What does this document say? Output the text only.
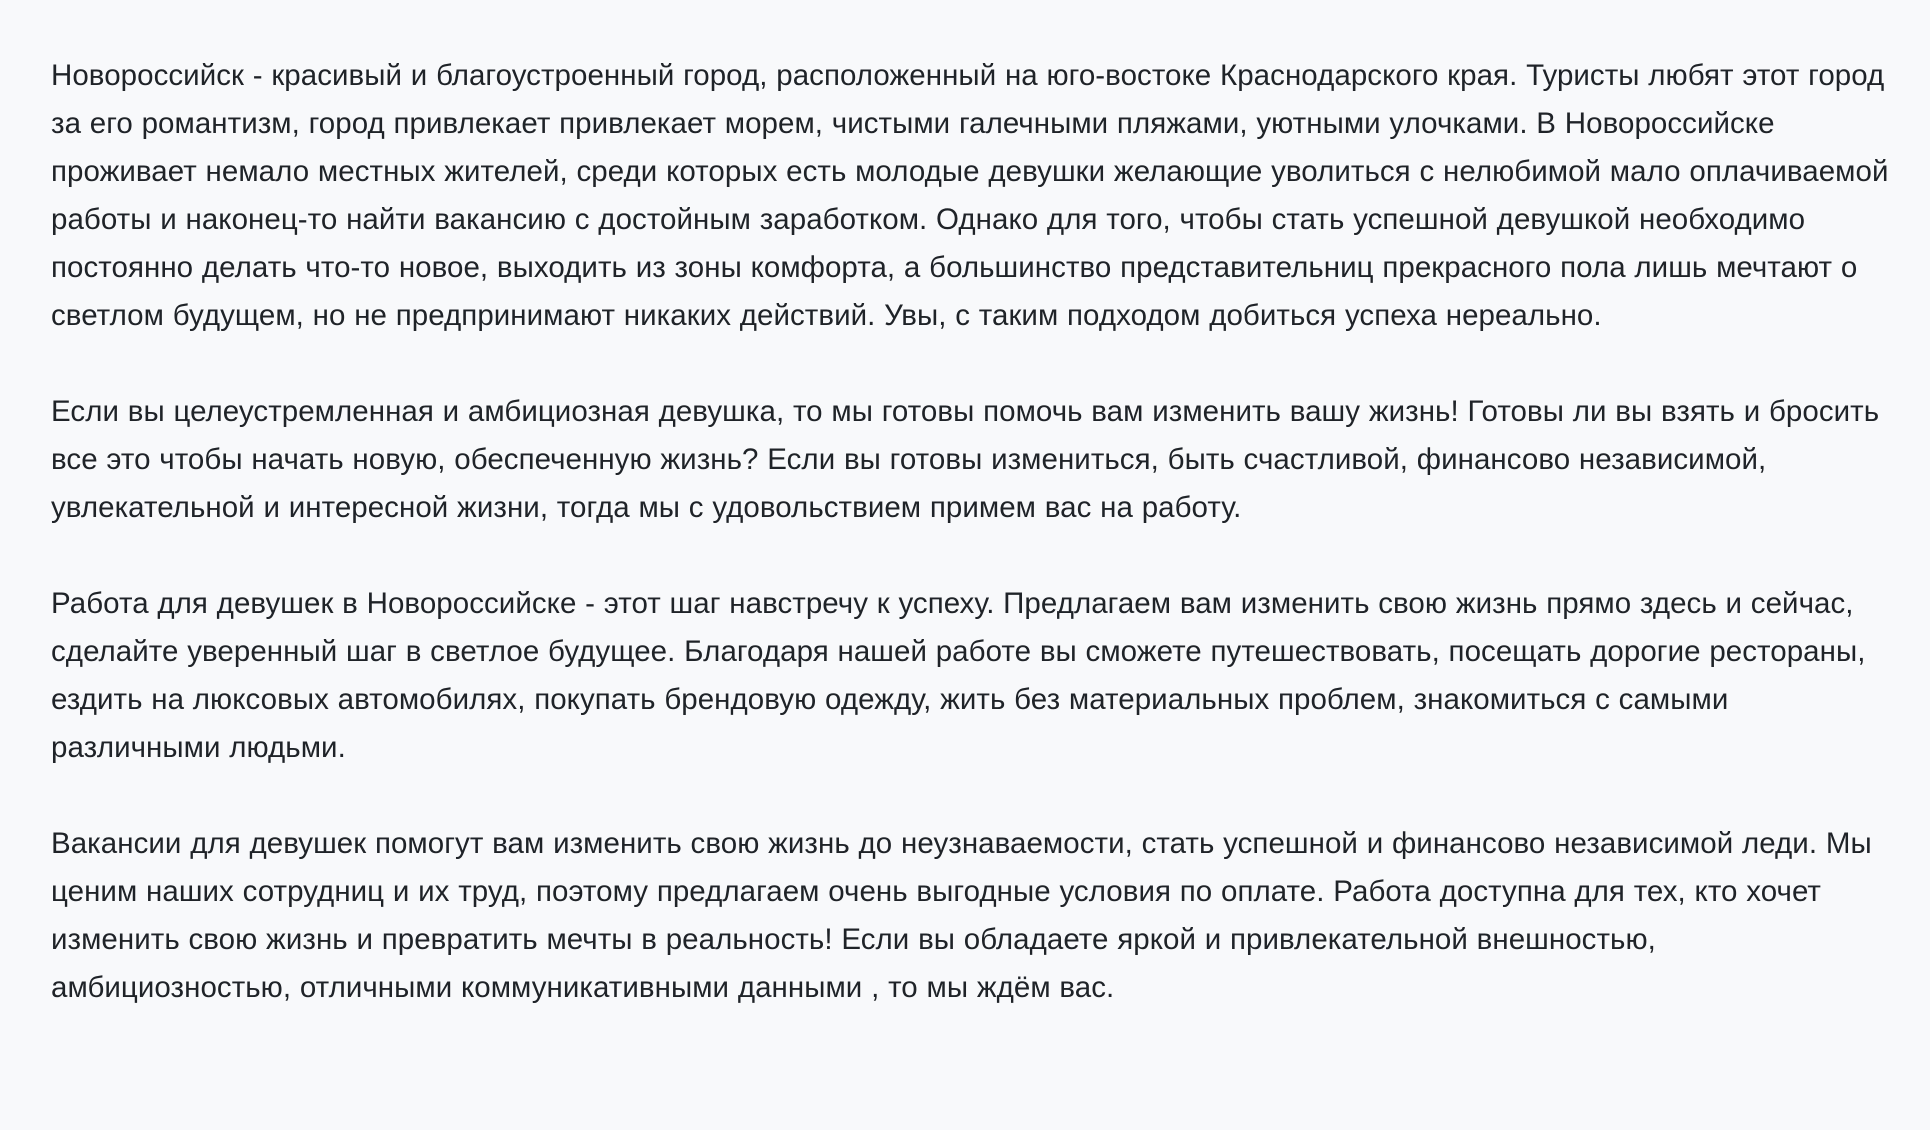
Новороссийск - красивый и благоустроенный город, расположенный на юго-востоке Краснодарского края. Туристы любят этот город за его романтизм, город привлекает привлекает морем, чистыми галечными пляжами, уютными улочками. В Новороссийске проживает немало местных жителей, среди которых есть молодые девушки желающие уволиться с нелюбимой мало оплачиваемой работы и наконец-то найти вакансию с достойным заработком. Однако для того, чтобы стать успешной девушкой необходимо постоянно делать что-то новое, выходить из зоны комфорта, а большинство представительниц прекрасного пола лишь мечтают о светлом будущем, но не предпринимают никаких действий. Увы, с таким подходом добиться успеха нереально.

Если вы целеустремленная и амбициозная девушка, то мы готовы помочь вам изменить вашу жизнь! Готовы ли вы взять и бросить все это чтобы начать новую, обеспеченную жизнь? Если вы готовы измениться, быть счастливой, финансово независимой, увлекательной и интересной жизни, тогда мы с удовольствием примем вас на работу.

Работа для девушек в Новороссийске - этот шаг навстречу к успеху. Предлагаем вам изменить свою жизнь прямо здесь и сейчас, сделайте уверенный шаг в светлое будущее. Благодаря нашей работе вы сможете путешествовать, посещать дорогие рестораны, ездить на люксовых автомобилях, покупать брендовую одежду, жить без материальных проблем, знакомиться с самыми различными людьми.

Вакансии для девушек помогут вам изменить свою жизнь до неузнаваемости, стать успешной и финансово независимой леди. Мы ценим наших сотрудниц и их труд, поэтому предлагаем очень выгодные условия по оплате. Работа доступна для тех, кто хочет изменить свою жизнь и превратить мечты в реальность! Если вы обладаете яркой и привлекательной внешностью, амбициозностью, отличными коммуникативными данными , то мы ждём вас.
